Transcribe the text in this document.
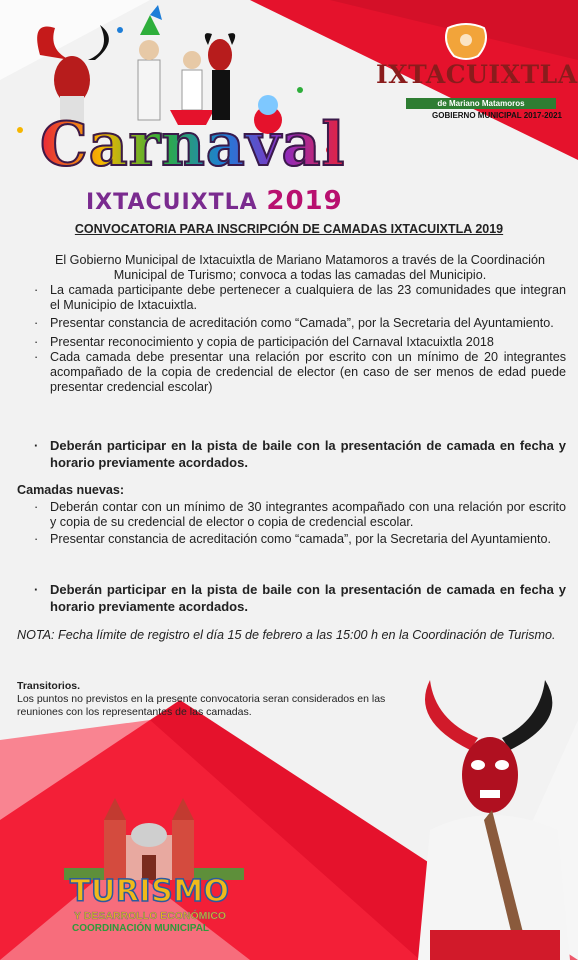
Carnaval
IXTACUIXTLA 2019
IXTACUIXTLA
de Mariano Matamoros
GOBIERNO MUNICIPAL 2017-2021
CONVOCATORIA PARA INSCRIPCIÓN DE CAMADAS IXTACUIXTLA 2019
El Gobierno Municipal de Ixtacuixtla de Mariano Matamoros a través de la Coordinación Municipal de Turismo; convoca a todas las camadas del Municipio.
· La camada participante debe pertenecer a cualquiera de las 23 comunidades que integran el Municipio de Ixtacuixtla.
· Presentar constancia de acreditación como “Camada”, por la Secretaria del Ayuntamiento.
· Presentar reconocimiento y copia de participación del Carnaval Ixtacuixtla 2018
· Cada camada debe presentar una relación por escrito con un mínimo de 20 integrantes acompañado de la copia de credencial de elector (en caso de ser menos de edad puede presentar credencial escolar)
· Deberán participar en la pista de baile con la presentación de camada en fecha y horario previamente acordados.
Camadas nuevas:
· Deberán contar con un mínimo de 30 integrantes acompañado con una relación por escrito y copia de su credencial de elector o copia de credencial escolar.
· Presentar constancia de acreditación como “camada”, por la Secretaria del Ayuntamiento.
· Deberán participar en la pista de baile con la presentación de camada en fecha y horario previamente acordados.
NOTA: Fecha límite de registro el día 15 de febrero a las 15:00 h en la Coordinación de Turismo.
Transitorios.
Los puntos no previstos en la presente convocatoria seran considerados en las reuniones con los representantes de las camadas.
TURISMO
Y DESARROLLO ECONÓMICO
COORDINACIÓN MUNICIPAL
